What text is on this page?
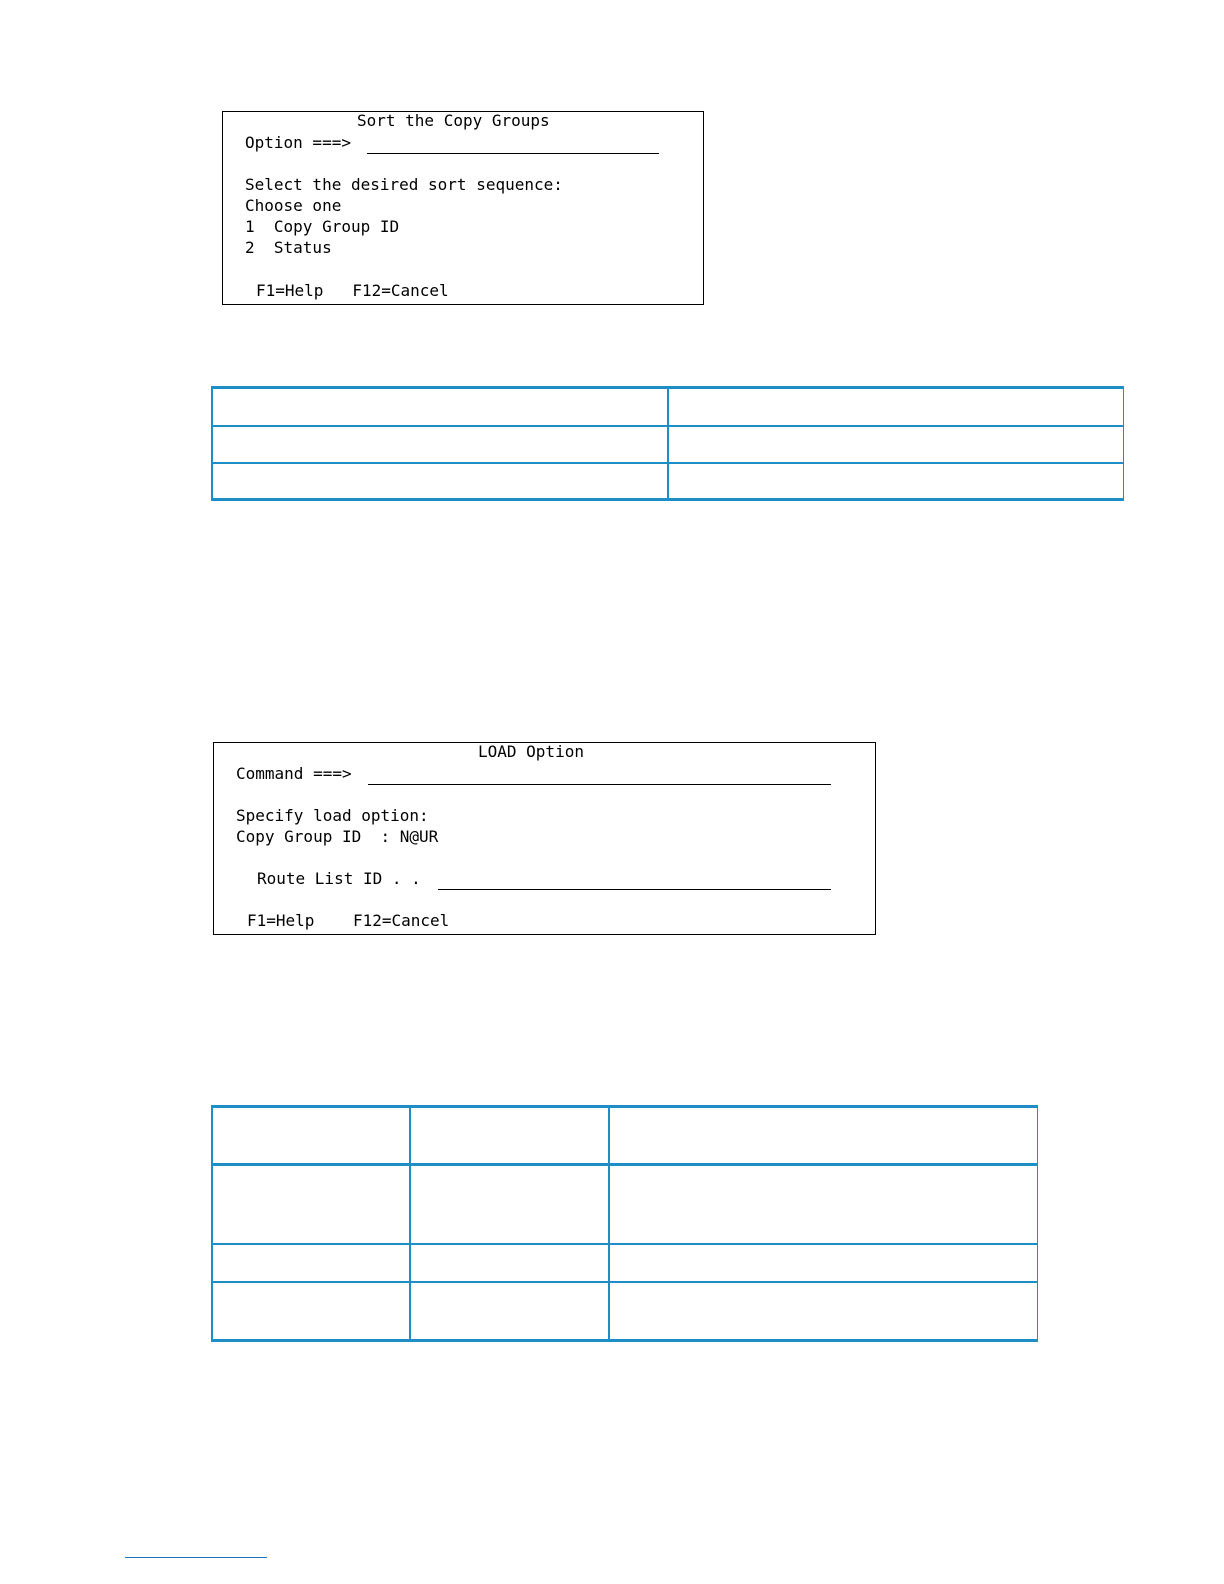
Sort the Copy Groups
Option ===>
Select the desired sort sequence:
Choose one
1  Copy Group ID
2  Status
F1=Help   F12=Cancel
LOAD Option
Command ===>
Specify load option:
Copy Group ID  : N@UR
Route List ID . .
F1=Help    F12=Cancel
